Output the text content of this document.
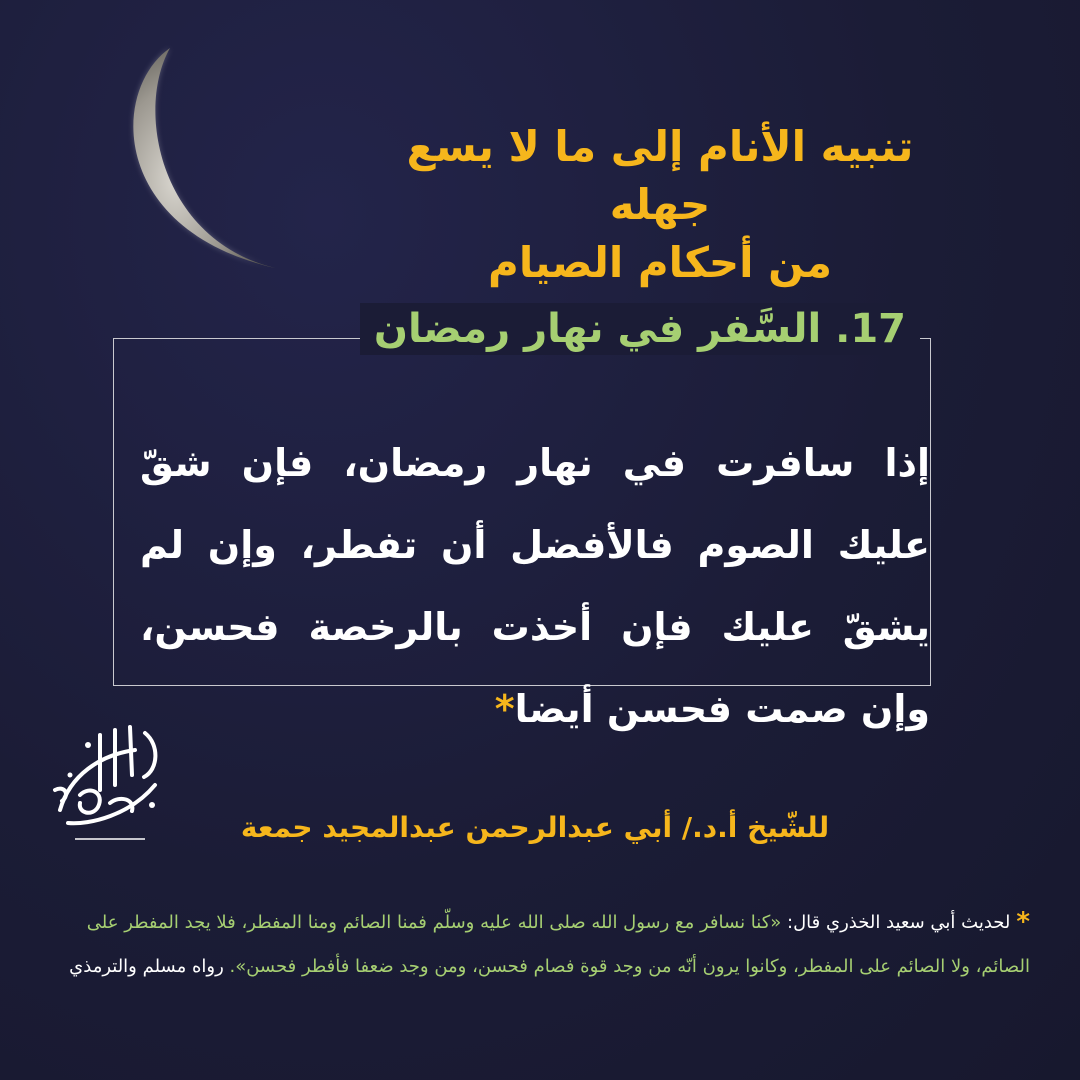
تنبيه الأنام إلى ما لا يسع جهله
من أحكام الصيام
17. السَّفر في نهار رمضان
إذا سافرت في نهار رمضان، فإن شقّ عليك الصوم فالأفضل أن تفطر، وإن لم يشقّ عليك فإن أخذت بالرخصة فحسن، وإن صمت فحسن أيضا*
للشّيخ أ.د./ أبي عبدالرحمن عبدالمجيد جمعة
*لحديث أبي سعيد الخذري قال: «كنا نسافر مع رسول الله صلى الله عليه وسلّم فمنا الصائم ومنا المفطر، فلا يجد المفطر على الصائم، ولا الصائم على المفطر، وكانوا يرون أنّه من وجد قوة فصام فحسن، ومن وجد ضعفا فأفطر فحسن». رواه مسلم والترمذي
